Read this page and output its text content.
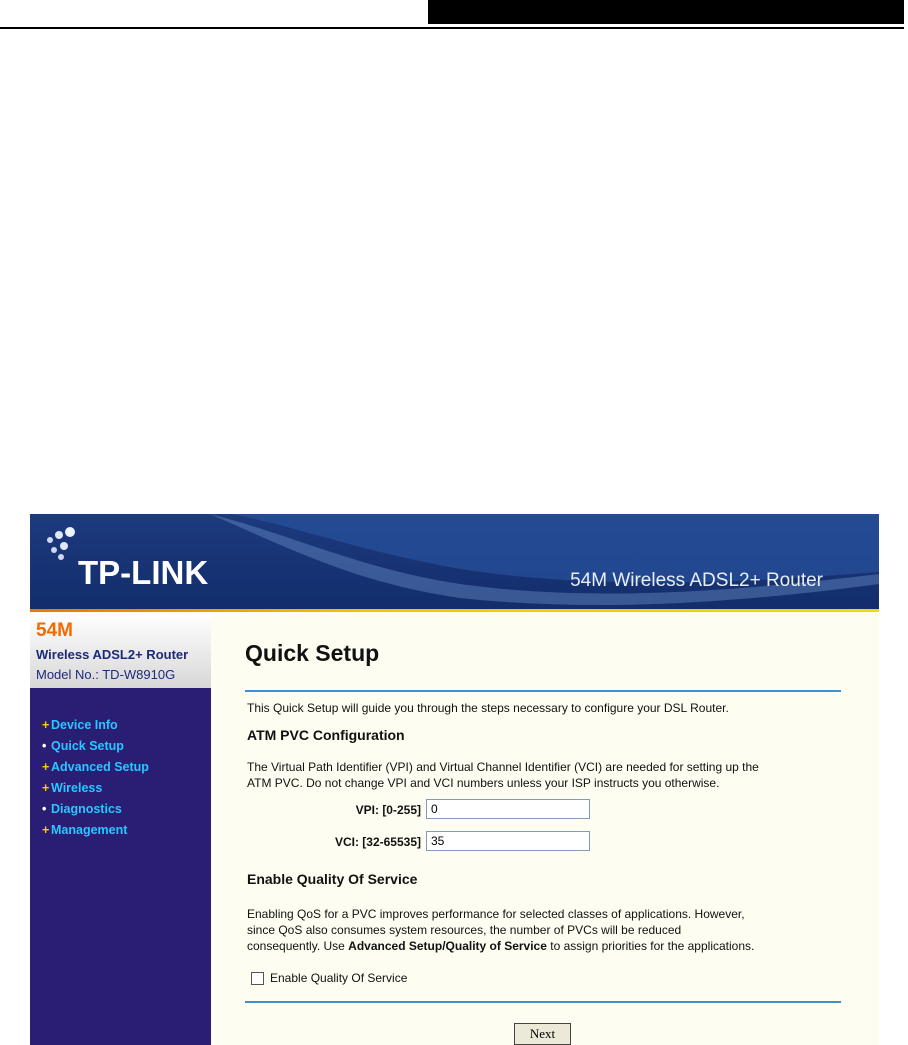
TP-LINK	54M Wireless ADSL2+ Router
54M
Wireless ADSL2+ Router
Model No.: TD-W8910G
+ Device Info
• Quick Setup
+ Advanced Setup
+ Wireless
• Diagnostics
+ Management
Quick Setup
This Quick Setup will guide you through the steps necessary to configure your DSL Router.
ATM PVC Configuration
The Virtual Path Identifier (VPI) and Virtual Channel Identifier (VCI) are needed for setting up the
ATM PVC. Do not change VPI and VCI numbers unless your ISP instructs you otherwise.
VPI: [0-255]
0
VCI: [32-65535]
35
Enable Quality Of Service
Enabling QoS for a PVC improves performance for selected classes of applications. However,
since QoS also consumes system resources, the number of PVCs will be reduced
consequently. Use Advanced Setup/Quality of Service to assign priorities for the applications.
Enable Quality Of Service
Next
